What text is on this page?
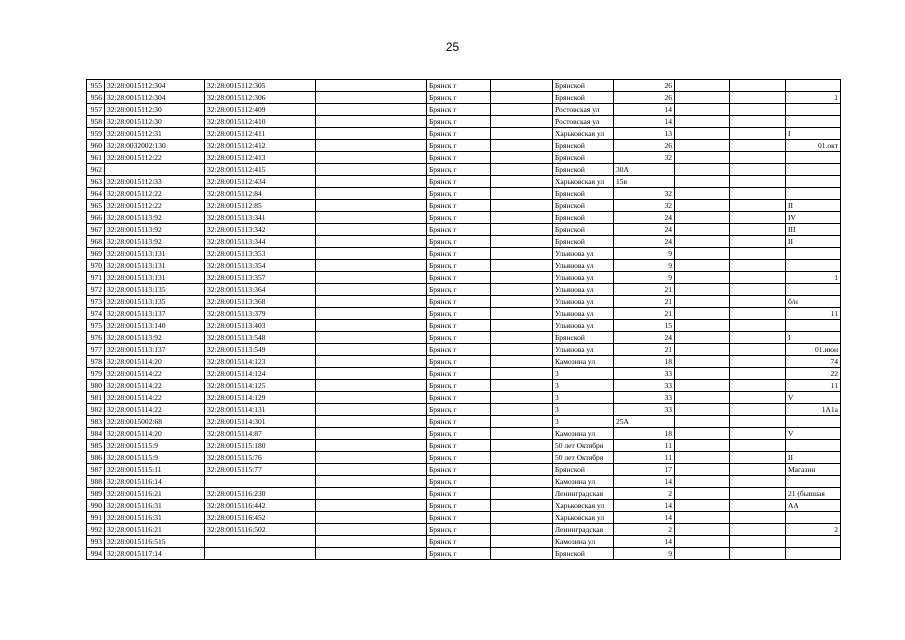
25
955	32:28:0015112:304	32:28:0015112:305		Брянск г		Брянской	26			
956	32:28:0015112:304	32:28:0015112:306		Брянск г		Брянской	26			1
957	32:28:0015112:30	32:28:0015112:409		Брянск г		Ростовская ул	14			
958	32:28:0015112:30	32:28:0015112:410		Брянск г		Ростовская ул	14			
959	32:28:0015112:31	32:28:0015112:411		Брянск г		Харьковская ул	13			I
960	32:28:0032002:130	32:28:0015112:412		Брянск г		Брянской	26			01.окт
961	32:28:0015112:22	32:28:0015112:413		Брянск г		Брянской	32			
962		32:28:0015112:415		Брянск г		Брянской	30А			
963	32:28:0015112:33	32:28:0015112:434		Брянск г		Харьковская ул	15в			
964	32:28:0015112:22	32:28:0015112:84		Брянск г		Брянской	32			
965	32:28:0015112:22	32:28:0015112:85		Брянск г		Брянской	32			II
966	32:28:0015113:92	32:28:0015113:341		Брянск г		Брянской	24			IV
967	32:28:0015113:92	32:28:0015113:342		Брянск г		Брянской	24			III
968	32:28:0015113:92	32:28:0015113:344		Брянск г		Брянской	24			II
969	32:28:0015113:131	32:28:0015113:353		Брянск г		Ульянова ул	9			
970	32:28:0015113:131	32:28:0015113:354		Брянск г		Ульянова ул	9			
971	32:28:0015113:131	32:28:0015113:357		Брянск г		Ульянова ул	9			1
972	32:28:0015113:135	32:28:0015113:364		Брянск г		Ульянова ул	21			
973	32:28:0015113:135	32:28:0015113:368		Брянск г		Ульянова ул	21			б/н
974	32:28:0015113:137	32:28:0015113:379		Брянск г		Ульянова ул	21			11
975	32:28:0015113:140	32:28:0015113:403		Брянск г		Ульянова ул	15			
976	32:28:0015113:92	32:28:0015113:548		Брянск г		Брянской	24			I
977	32:28:0015113:137	32:28:0015113:549		Брянск г		Ульянова ул	21			01.июн
978	32:28:0015114:20	32:28:0015114:123		Брянск г		Камозина ул	18			74
979	32:28:0015114:22	32:28:0015114:124		Брянск г		3	33			22
980	32:28:0015114:22	32:28:0015114:125		Брянск г		3	33			11
981	32:28:0015114:22	32:28:0015114:129		Брянск г		3	33			V
982	32:28:0015114:22	32:28:0015114:131		Брянск г		3	33			1А1а
983	32:28:0015002:68	32:28:0015114:301		Брянск г		3	25А			
984	32:28:0015114:20	32:28:0015114:87		Брянск г		Камозина ул	18			V
985	32:28:0015115:9	32:28:0015115:180		Брянск г		50 лет Октября	11			
986	32:28:0015115:9	32:28:0015115:76		Брянск г		50 лет Октября	11			II
987	32:28:0015115:11	32:28:0015115:77		Брянск г		Брянской	17			Магазин
988	32:28:0015116:14			Брянск г		Камозина ул	14			
989	32:28:0015116:21	32:28:0015116:230		Брянск г		Ленинградская	2			21 (бывшая
990	32:28:0015116:31	32:28:0015116:442		Брянск г		Харьковская ул	14			АА
991	32:28:0015116:31	32:28:0015116:452		Брянск г		Харьковская ул	14			
992	32:28:0015116:21	32:28:0015116:502		Брянск г		Ленинградская	2			2
993	32:28:0015116:515			Брянск г		Камозина ул	14			
994	32:28:0015117:14			Брянск г		Брянской	9			
